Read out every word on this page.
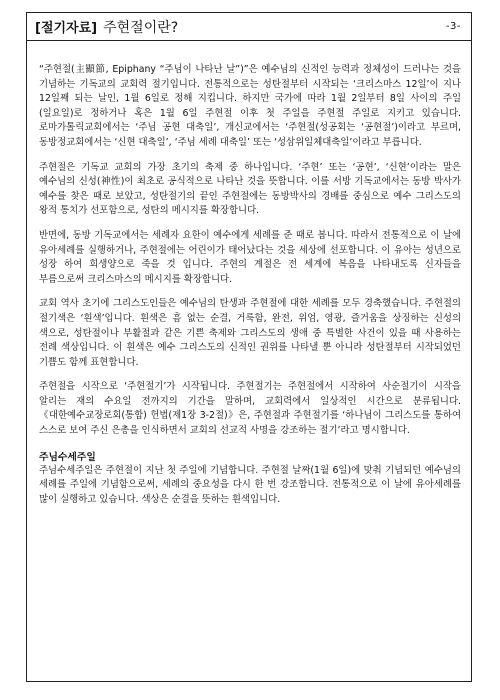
[절기자료] 주현절이란?	-3-

“주현절(主顯節, Epiphany “주님이 나타난 날”)”은 예수님의 신적인 능력과 정체성이 드러나는 것을 기념하는 기독교의 교회력 절기입니다. 전통적으로는 성탄절부터 시작되는 ‘크리스마스 12일’이 지나 12일째 되는 날인, 1월 6일로 정해 지킵니다. 하지만 국가에 따라 1월 2일부터 8일 사이의 주일(일요일)로 정하거나 혹은 1월 6일 주현절 이후 첫 주일을 주현절 주일로 지키고 있습니다. 로마가톨릭교회에서는 ‘주님 공현 대축일’, 개신교에서는 ‘주현절(성공회는 ‘공현절’)이라고 부르며, 동방정교회에서는 ‘신현 대축일’, ‘주님 세례 대축일’ 또는 ‘성삼위일체대축일’이라고 부릅니다.

주현절은 기독교 교회의 가장 초기의 축제 중 하나입니다. ‘주현’ 또는 ‘공현’, ‘신현’이라는 말은 예수님의 신성(神性)이 최초로 공식적으로 나타난 것을 뜻합니다. 이를 서방 기독교에서는 동방 박사가 예수를 찾은 때로 보았고, 성탄절기의 끝인 주현절에는 동방박사의 경배를 중심으로 예수 그리스도의 왕적 통치가 선포함으로, 성탄의 메시지를 확장합니다.

반면에, 동방 기독교에서는 세례자 요한이 예수에게 세례를 준 때로 봅니다. 따라서 전통적으로 이 날에 유아세례를 실행하거나, 주현절에는 어린이가 태어났다는 것을 세상에 선포합니다. 이 유아는 성년으로 성장 하여 희생양으로 죽을 것 입니다. 주현의 계절은 전 세계에 복음을 나타내도록 신자들을 부름으로써 크리스마스의 메시지를 확장합니다.

교회 역사 초기에 그리스도인들은 예수님의 탄생과 주현절에 대한 세례를 모두 경축했습니다. 주현절의 절기색은 ‘흰색’입니다. 흰색은 흠 없는 순결, 거룩함, 완전, 위엄, 영광, 즐거움을 상징하는 신성의 색으로, 성탄절이나 부활절과 같은 기쁜 축제와 그리스도의 생애 중 특별한 사건이 있을 때 사용하는 전례 색상입니다. 이 흰색은 예수 그리스도의 신적인 권위를 나타낼 뿐 아니라 성탄절부터 시작되었던 기쁨도 함께 표현합니다.

주현절을 시작으로 ‘주현절기’가 시작됩니다. 주현절기는 주현절에서 시작하여 사순절기이 시작을 알리는 재의 수요일 전까지의 기간을 말하며, 교회력에서 일상적인 시간으로 분류됩니다. 《대한예수교장로회(통합) 헌법(제1장 3-2절)》은, 주현절과 주현절기를 ‘하나님이 그리스도를 통하여 스스로 보여 주신 은총을 인식하면서 교회의 선교적 사명을 강조하는 절기’라고 명시합니다.

주님수세주일

주님수세주일은 주현절이 지난 첫 주일에 기념합니다. 주현절 날짜(1월 6일)에 맞춰 기념되던 예수님의 세례를 주일에 기념함으로써, 세례의 중요성을 다시 한 번 강조합니다. 전통적으로 이 날에 유아세례를 많이 실행하고 있습니다. 색상은 순결을 뜻하는 흰색입니다.
